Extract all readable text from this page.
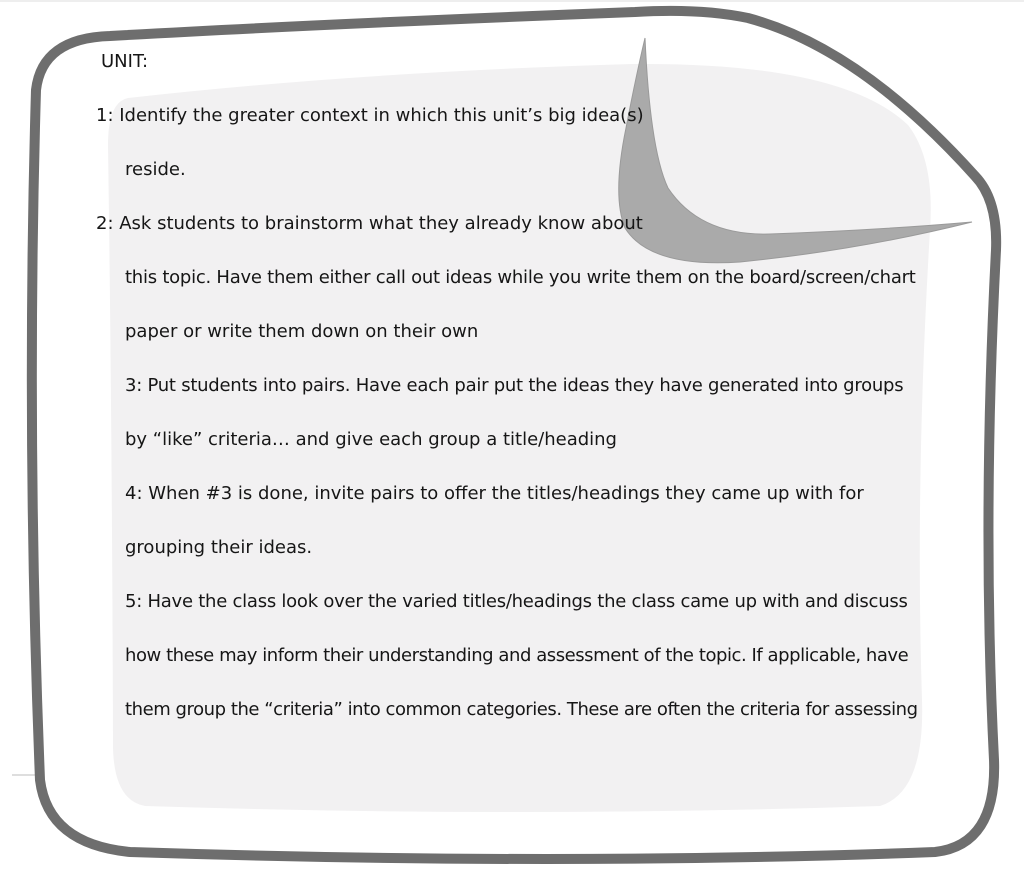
UNIT:
1: Identify the greater context in which this unit’s big idea(s)
reside.
2: Ask students to brainstorm what they already know about
this topic. Have them either call out ideas while you write them on the board/screen/chart
paper or write them down on their own
3: Put students into pairs. Have each pair put the ideas they have generated into groups
by “like” criteria… and give each group a title/heading
4: When #3 is done, invite pairs to offer the titles/headings they came up with for
grouping their ideas.
5: Have the class look over the varied titles/headings the class came up with and discuss
how these may inform their understanding and assessment of the topic. If applicable, have
them group the “criteria” into common categories. These are often the criteria for assessing
